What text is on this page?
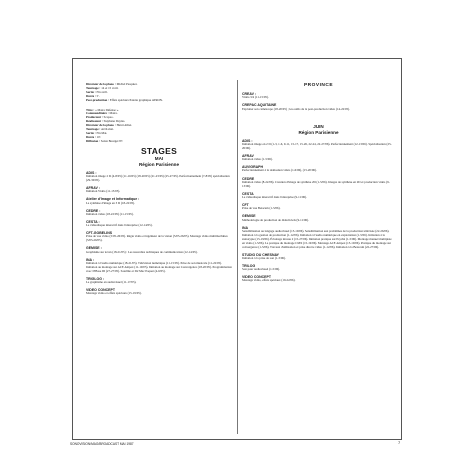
Directeur de la photo : Michel Pasquier.

Tournage : 14 et 15 avril.

Sortie : Fin avril.

Durée : 5'.

Post-production : Effets spéciaux Palette graphique ATRON.

Titre : « Matra Défense ».

Commanditaire : Matra.

Producteur : Scopeo.

Réalisateur : Stéphane Daylas.

Directeur de la photo : Henri Alliet.

Tournage : Avril-mai.

Sortie : Fin Mai.

Durée : 10'.

Diffusion : Salon Bourget 87.

STAGES
MAI
Région Parisienne
ADIS :

Initiation image 2 D (4-8/05) (11-16/05) (18-20/05) (21-23/05) (25-27/05). Perfectionnement (7-8/05) spécialisation (29-30/05).

AFRAV :

Initiation Vidéo (11-15/05).

Atelier d'Image et Informatique :

La synthèse d'image en 3 D (18-22/05).

CEDRE :

Initiation vidéo (18-22/05) (11-15/05).

CESTA :

Le vidéodisque interactif dans l'entreprise (12-14/05).

CFT-GOBELINS

Prise de vue vidéo (5/05-26/05). Régie vidéo et ingénieur de la vision (5/05-26/05). Montage vidéo multimachines (5/05-26/05).

GEMISE :

Graphisme sur écran (18-21/05) : Les nouvelles techniques de communication (12-14/05).

INA :

Initiation à l'audio numérique (18-21/05). Télévision numérique (11-15/05). Prise de son musicale (11-22/05). Initiation au montage sur ACE Ampex (11-19/05). Initiation au montage sur Convergence (18-20/05). Programmation avec D'Base III (27-27/05). Satellite et D2 Mac Paquet (4-6/05).

TRIGLOG :

Le graphisme en audiovisuel (11-17/05).

VIDEO CONCEPT

Montage vidéo et effets spéciaux (15-19/05).

PROVINCE
CREAV :

Vidéo 3/4 (11-15/05).

CREPAC AQUITAINE

Exploiter son caméscope (18-20/05) ; les outils de la post-production vidéo (14-22/05).

JUIN
Région Parisienne
ADIS :

Initiation image en 2 D (1-3, 1-6, 9-11, 15-17, 15-26, 22-24, 22-27/06). Perfectionnement (12-13/06). Spécialisation (25-26/06).

AFRAV

Initiation vidéo (1-5/06).

AUVIGRAPH

Perfectionnement à la réalisation vidéo (1-6/06), (15-20/06).

CEDRE

Initiation vidéo (8-22/06). Création d'image de synthèse 2D (1-5/06). Images de synthèse en 2D et production vidéo (9-13/06).

CESTA

Le vidéodisque interactif dans l'entreprise (9-11/06).

CFT

Prise de vue Betacam (1-5/06).

GEMISE

Méthodologie de production de didacticiels (9-11/06).

INA

Sensibilisation au langage audiovisuel (15-19/06). Sensibilisation aux problèmes de la production télévisée (22-26/06). Initiation à la gestion de production (1-12/06). Initiation à l'audio numérique en exploitation (1-5/06). Initiation à la sténotypie (15-19/06). Éclairage niveau 2 (15-27/06). Initiation pratique sur Psyché (1-5/06). Montage manuel multipiste en vidéo (1-5/06). La pratique du montage CMX (15-19/06). Montage ACE Ampex (15-19/06). Pratique du montage sur convergence (1-5/06). Travaux d'utilisation et prise directe vidéo (1-12/06). Initiation à la Betacam (22-27/06).

STUDIO DU CHESNAY

Initiation à la prise de son (1-3/06).

TRILOG

Son pour audiovisuel (1-5/06).

VIDEO CONCEPT

Montage vidéo, effets spéciaux (19-22/06).

SONOVISION/MAG/BROADCAST MAI 1987	7
